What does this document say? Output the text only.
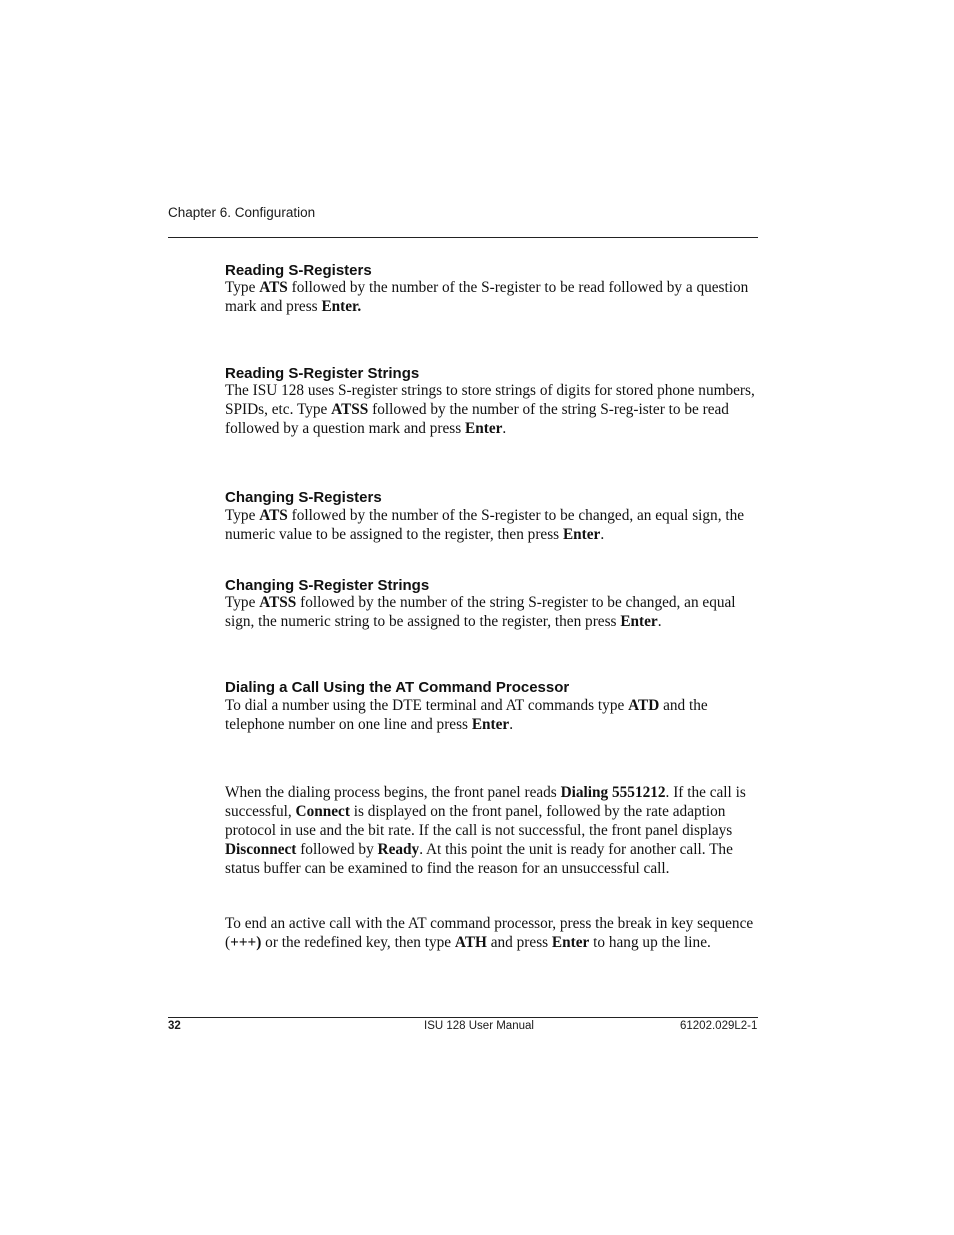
Chapter 6. Configuration
Reading S-Registers

Type ATS followed by the number of the S-register to be read followed by a question mark and press Enter.

Reading S-Register Strings

The ISU 128 uses S-register strings to store strings of digits for stored phone numbers, SPIDs, etc. Type ATSS followed by the number of the string S-reg-ister to be read followed by a question mark and press Enter.

Changing S-Registers

Type ATS followed by the number of the S-register to be changed, an equal sign, the numeric value to be assigned to the register, then press Enter.

Changing S-Register Strings

Type ATSS followed by the number of the string S-register to be changed, an equal sign, the numeric string to be assigned to the register, then press Enter.

Dialing a Call Using the AT Command Processor

To dial a number using the DTE terminal and AT commands type ATD and the telephone number on one line and press Enter.

When the dialing process begins, the front panel reads Dialing 5551212. If the call is successful, Connect is displayed on the front panel, followed by the rate adaption protocol in use and the bit rate. If the call is not successful, the front panel displays Disconnect followed by Ready. At this point the unit is ready for another call. The status buffer can be examined to find the reason for an unsuccessful call.

To end an active call with the AT command processor, press the break in key sequence (+++) or the redefined key, then type ATH and press Enter to hang up the line.

32	ISU 128 User Manual	61202.029L2-1
